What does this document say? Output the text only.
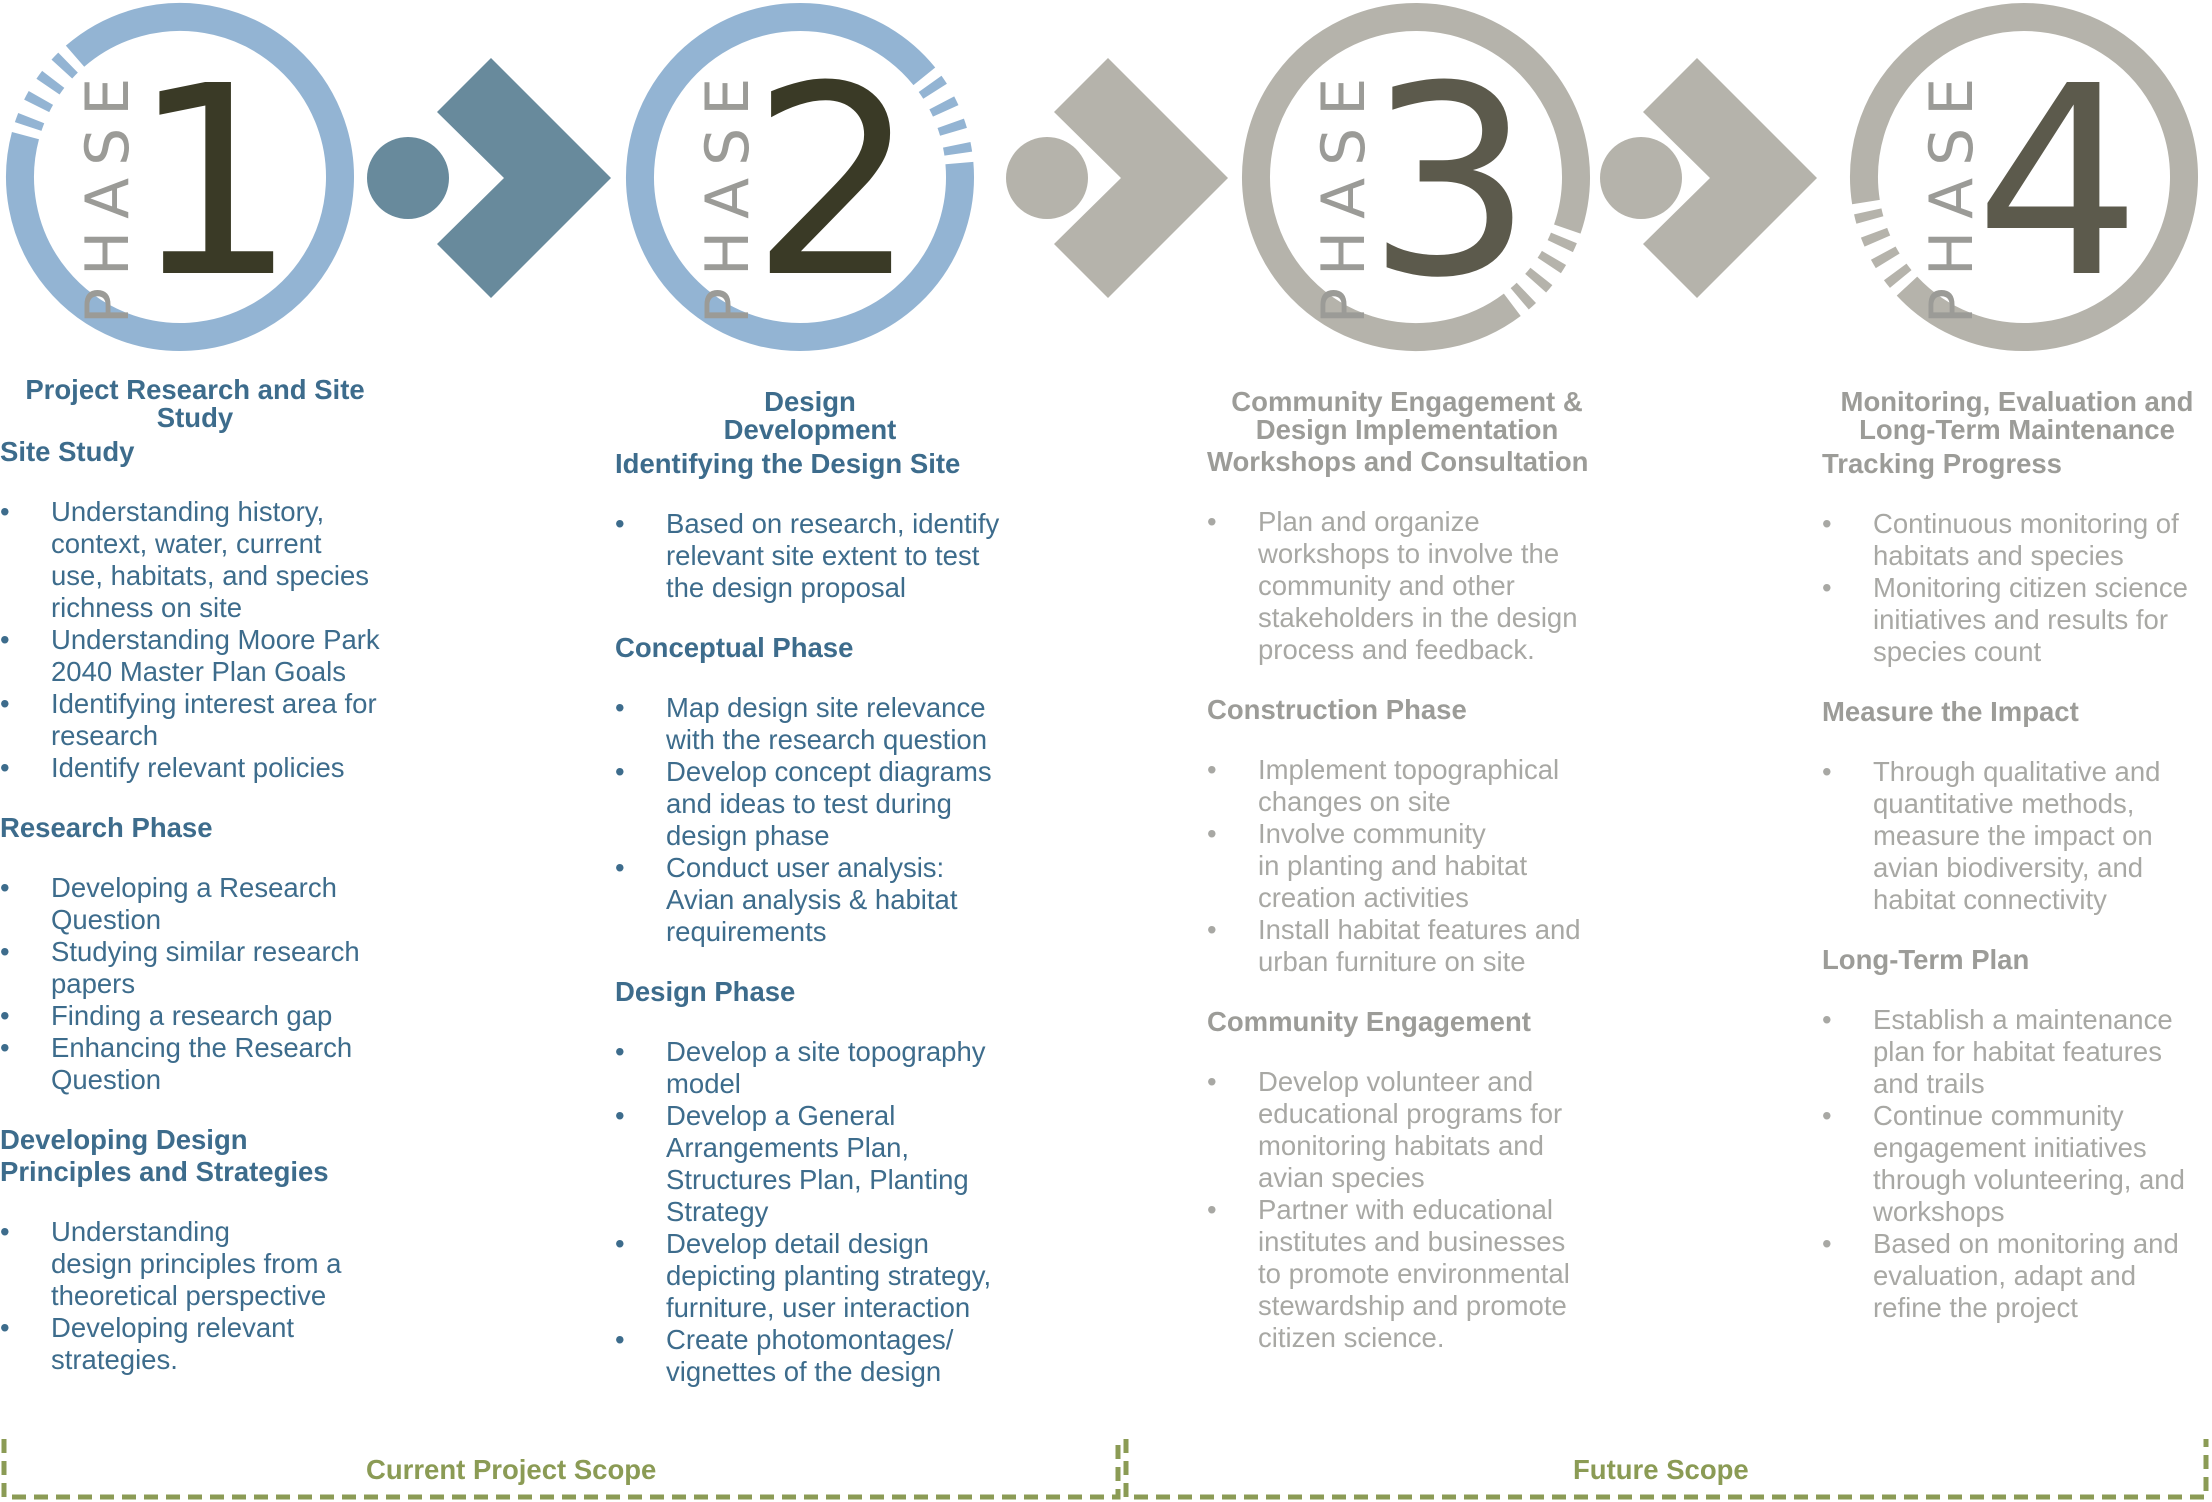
PHASE
1	PHASE
2	PHASE
3	PHASE
4
Project Research and Site
Study
Site Study
• Understanding history,
context, water, current
use, habitats, and species
richness on site
• Understanding Moore Park
2040 Master Plan Goals
• Identifying interest area for
research
• Identify relevant policies
Research Phase
• Developing a Research
Question
• Studying similar research
papers
• Finding a research gap
• Enhancing the Research
Question
Developing Design
Principles and Strategies
• Understanding
design principles from a
theoretical perspective
• Developing relevant
strategies.
Design
Development
Identifying the Design Site
• Based on research, identify
relevant site extent to test
the design proposal
Conceptual Phase
• Map design site relevance
with the research question
• Develop concept diagrams
and ideas to test during
design phase
• Conduct user analysis:
Avian analysis & habitat
requirements
Design Phase
• Develop a site topography
model
• Develop a General
Arrangements Plan,
Structures Plan, Planting
Strategy
• Develop detail design
depicting planting strategy,
furniture, user interaction
• Create photomontages/
vignettes of the design
Community Engagement &
Design Implementation
Workshops and Consultation
• Plan and organize
workshops to involve the
community and other
stakeholders in the design
process and feedback.
Construction Phase
• Implement topographical
changes on site
• Involve community
in planting and habitat
creation activities
• Install habitat features and
urban furniture on site
Community Engagement
• Develop volunteer and
educational programs for
monitoring habitats and
avian species
• Partner with educational
institutes and businesses
to promote environmental
stewardship and promote
citizen science.
Monitoring, Evaluation and
Long-Term Maintenance
Tracking Progress
• Continuous monitoring of
habitats and species
• Monitoring citizen science
initiatives and results for
species count
Measure the Impact
• Through qualitative and
quantitative methods,
measure the impact on
avian biodiversity, and
habitat connectivity
Long-Term Plan
• Establish a maintenance
plan for habitat features
and trails
• Continue community
engagement initiatives
through volunteering, and
workshops
• Based on monitoring and
evaluation, adapt and
refine the project
Current Project Scope	Future Scope
